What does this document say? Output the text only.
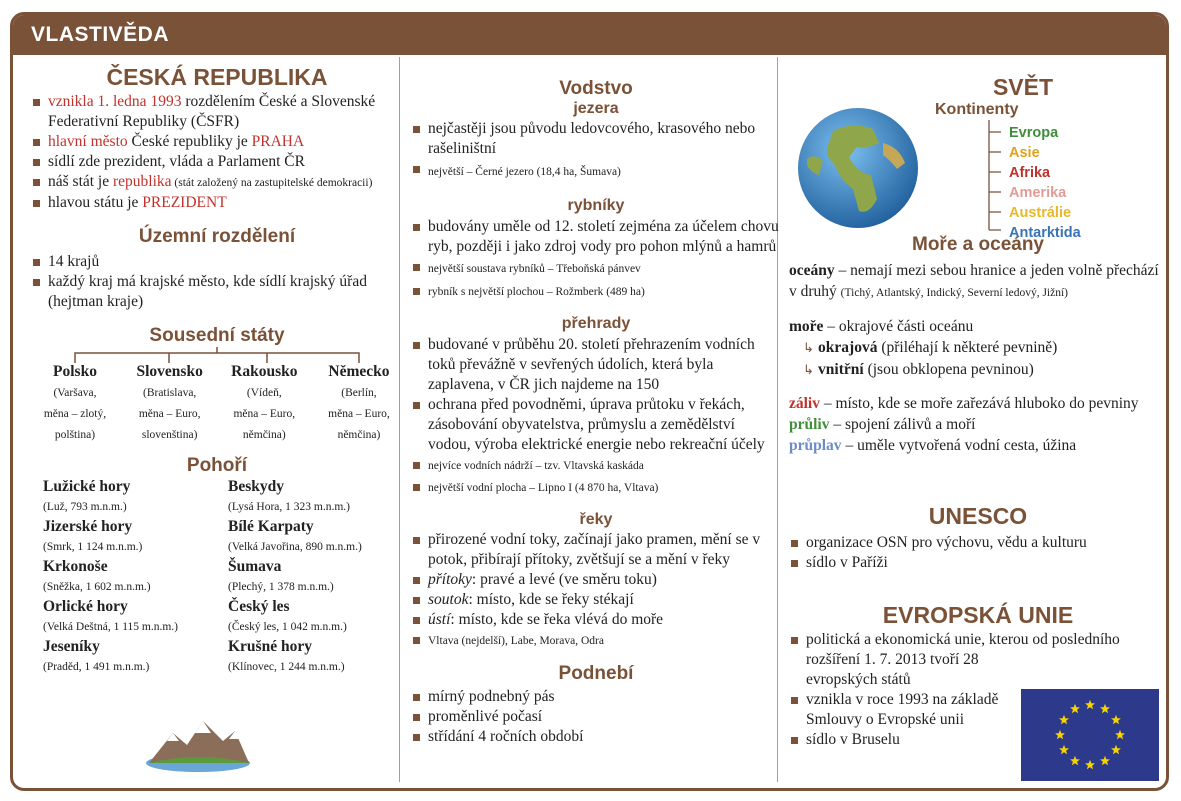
VLASTIVĚDA
ČESKÁ REPUBLIKA
vznikla 1. ledna 1993 rozdělením České a Slovenské Federativní Republiky (ČSFR)
hlavní město České republiky je PRAHA
sídlí zde prezident, vláda a Parlament ČR
náš stát je republika (stát založený na zastupitelské demokracii)
hlavou státu je PREZIDENT
Územní rozdělení
14 krajů
každý kraj má krajské město, kde sídlí krajský úřad (hejtman kraje)
Sousední státy
Polsko
(Varšava,
měna – zlotý,
polština)
Slovensko
(Bratislava,
měna – Euro,
slovenština)
Rakousko
(Vídeň,
měna – Euro,
němčina)
Německo
(Berlín,
měna – Euro,
němčina)
Pohoří
Lužické hory
(Luž, 793 m.n.m.)
Beskydy
(Lysá Hora, 1 323 m.n.m.)
Jizerské hory
(Smrk, 1 124 m.n.m.)
Bílé Karpaty
(Velká Javořina, 890 m.n.m.)
Krkonoše
(Sněžka, 1 602 m.n.m.)
Šumava
(Plechý, 1 378 m.n.m.)
Orlické hory
(Velká Deštná, 1 115 m.n.m.)
Český les
(Český les, 1 042 m.n.m.)
Jeseníky
(Praděd, 1 491 m.n.m.)
Krušné hory
(Klínovec, 1 244 m.n.m.)
Vodstvo
jezera
nejčastěji jsou původu ledovcového, krasového nebo rašeliništní
největší – Černé jezero (18,4 ha, Šumava)
rybníky
budovány uměle od 12. století zejména za účelem chovu ryb, později i jako zdroj vody pro pohon mlýnů a hamrů
největší soustava rybníků – Třeboňská pánvev
rybník s největší plochou – Rožmberk (489 ha)
přehrady
budované v průběhu 20. století přehrazením vodních toků převážně v sevřených údolích, která byla zaplavena, v ČR jich najdeme na 150
ochrana před povodněmi, úprava průtoku v řekách, zásobování obyvatelstva, průmyslu a zemědělství vodou, výroba elektrické energie nebo rekreační účely
nejvíce vodních nádrží – tzv. Vltavská kaskáda
největší vodní plocha – Lipno I (4 870 ha, Vltava)
řeky
přirozené vodní toky, začínají jako pramen, mění se v potok, přibírají přítoky, zvětšují se a mění v řeky
přítoky: pravé a levé (ve směru toku)
soutok: místo, kde se řeky stékají
ústí: místo, kde se řeka vlévá do moře
Vltava (nejdelší), Labe, Morava, Odra
Podnebí
mírný podnebný pás
proměnlivé počasí
střídání 4 ročních období
SVĚT
Kontinenty
Evropa
Asie
Afrika
Amerika
Austrálie
Antarktida
Moře a oceány

oceány – nemají mezi sebou hranice a jeden volně přechází v druhý (Tichý, Atlantský, Indický, Severní ledový, Jižní)

moře – okrajové části oceánu

↳ okrajová (přiléhají k některé pevnině)

↳ vnitřní (jsou obklopena pevninou)

záliv – místo, kde se moře zařezává hluboko do pevniny

průliv – spojení zálivů a moří

průplav – uměle vytvořená vodní cesta, úžina

UNESCO
organizace OSN pro výchovu, vědu a kulturu
sídlo v Paříži
EVROPSKÁ UNIE
politická a ekonomická unie, kterou od posledního
rozšíření 1. 7. 2013 tvoří 28
evropských států
vznikla v roce 1993 na základě
Smlouvy o Evropské unii
sídlo v Bruselu
